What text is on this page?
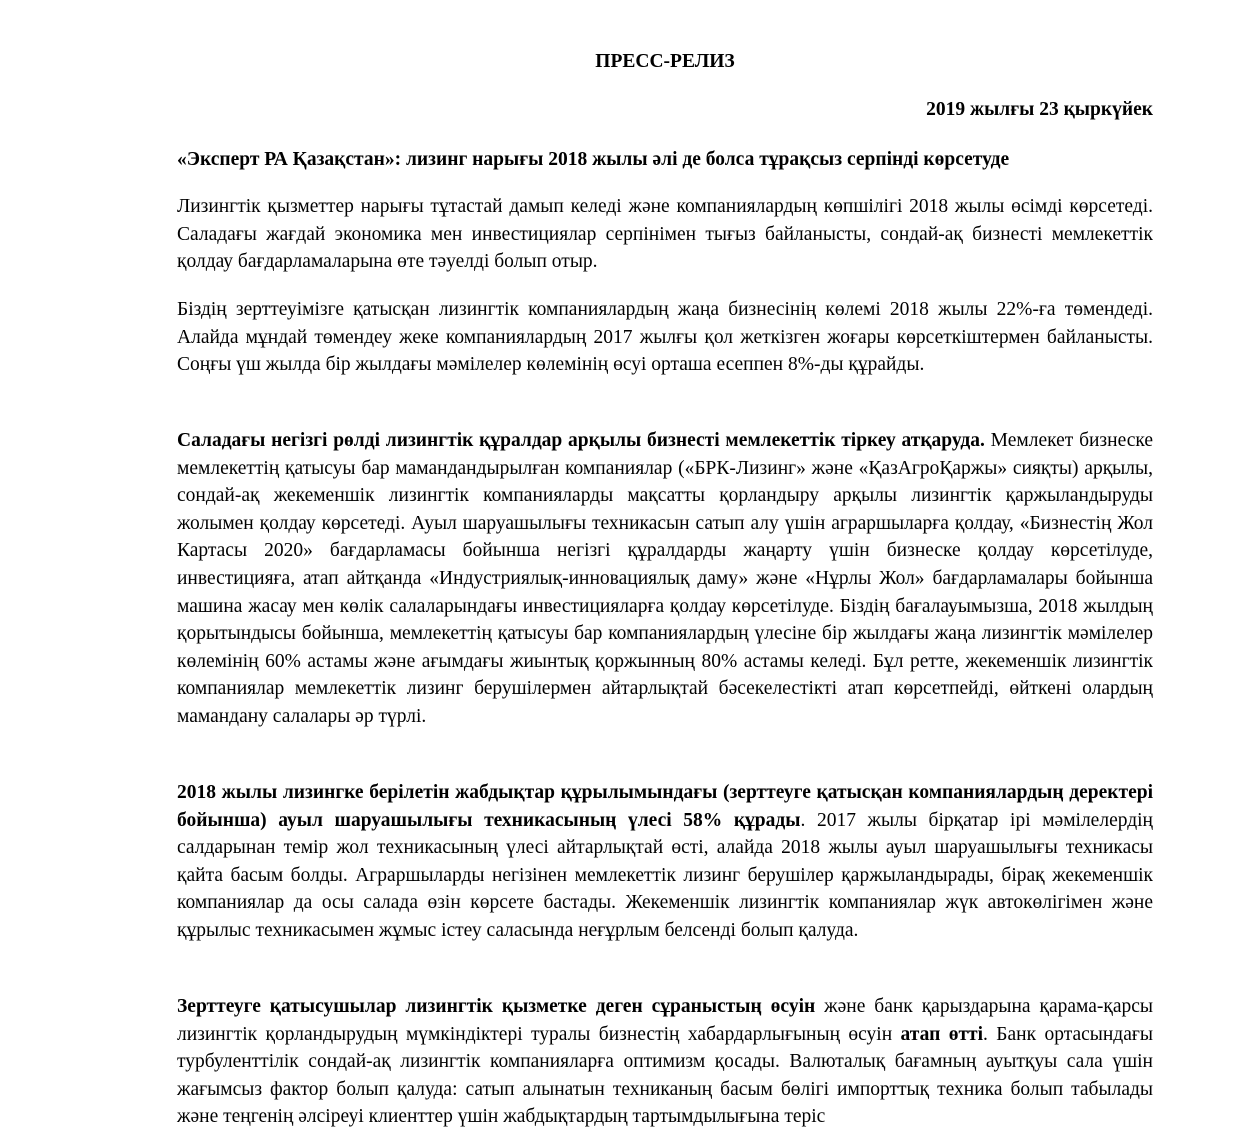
ПРЕСС-РЕЛИЗ

2019 жылғы 23 қыркүйек

«Эксперт РА Қазақстан»: лизинг нарығы 2018 жылы әлі де болса тұрақсыз серпінді көрсетуде

Лизингтік қызметтер нарығы тұтастай дамып келеді және компаниялардың көпшілігі 2018 жылы өсімді көрсетеді. Саладағы жағдай экономика мен инвестициялар серпінімен тығыз байланысты, сондай-ақ бизнесті мемлекеттік қолдау бағдарламаларына өте тәуелді болып отыр.

Біздің зерттеуімізге қатысқан лизингтік компаниялардың жаңа бизнесінің көлемі 2018 жылы 22%-ға төмендеді. Алайда мұндай төмендеу жеке компаниялардың 2017 жылғы қол жеткізген жоғары көрсеткіштермен байланысты. Соңғы үш жылда бір жылдағы мәмілелер көлемінің өсуі орташа есеппен 8%-ды құрайды.

Саладағы негізгі рөлді лизингтік құралдар арқылы бизнесті мемлекеттік тіркеу атқаруда. Мемлекет бизнеске мемлекеттің қатысуы бар мамандандырылған компаниялар («БРК-Лизинг» және «ҚазАгроҚаржы» сияқты) арқылы, сондай-ақ жекеменшік лизингтік компанияларды мақсатты қорландыру арқылы лизингтік қаржыландыруды жолымен қолдау көрсетеді. Ауыл шаруашылығы техникасын сатып алу үшін аграршыларға қолдау, «Бизнестің Жол Картасы 2020» бағдарламасы бойынша негізгі құралдарды жаңарту үшін бизнеске қолдау көрсетілуде, инвестицияға, атап айтқанда «Индустриялық-инновациялық даму» және «Нұрлы Жол» бағдарламалары бойынша машина жасау мен көлік салаларындағы инвестицияларға қолдау көрсетілуде. Біздің бағалауымызша, 2018 жылдың қорытындысы бойынша, мемлекеттің қатысуы бар компаниялардың үлесіне бір жылдағы жаңа лизингтік мәмілелер көлемінің 60% астамы және ағымдағы жиынтық қоржынның 80% астамы келеді. Бұл ретте, жекеменшік лизингтік компаниялар мемлекеттік лизинг берушілермен айтарлықтай бәсекелестікті атап көрсетпейді, өйткені олардың мамандану салалары әр түрлі.

2018 жылы лизингке берілетін жабдықтар құрылымындағы (зерттеуге қатысқан компаниялардың деректері бойынша) ауыл шаруашылығы техникасының үлесі 58% құрады. 2017 жылы бірқатар ірі мәмілелердің салдарынан темір жол техникасының үлесі айтарлықтай өсті, алайда 2018 жылы ауыл шаруашылығы техникасы қайта басым болды. Аграршыларды негізінен мемлекеттік лизинг берушілер қаржыландырады, бірақ жекеменшік компаниялар да осы салада өзін көрсете бастады. Жекеменшік лизингтік компаниялар жүк автокөлігімен және құрылыс техникасымен жұмыс істеу саласында неғұрлым белсенді болып қалуда.

Зерттеуге қатысушылар лизингтік қызметке деген сұраныстың өсуін және банк қарыздарына қарама-қарсы лизингтік қорландырудың мүмкіндіктері туралы бизнестің хабардарлығының өсуін атап өтті. Банк ортасындағы турбуленттілік сондай-ақ лизингтік компанияларға оптимизм қосады. Валюталық бағамның ауытқуы сала үшін жағымсыз фактор болып қалуда: сатып алынатын техниканың басым бөлігі импорттық техника болып табылады және теңгенің әлсіреуі клиенттер үшін жабдықтардың тартымдылығына теріс
